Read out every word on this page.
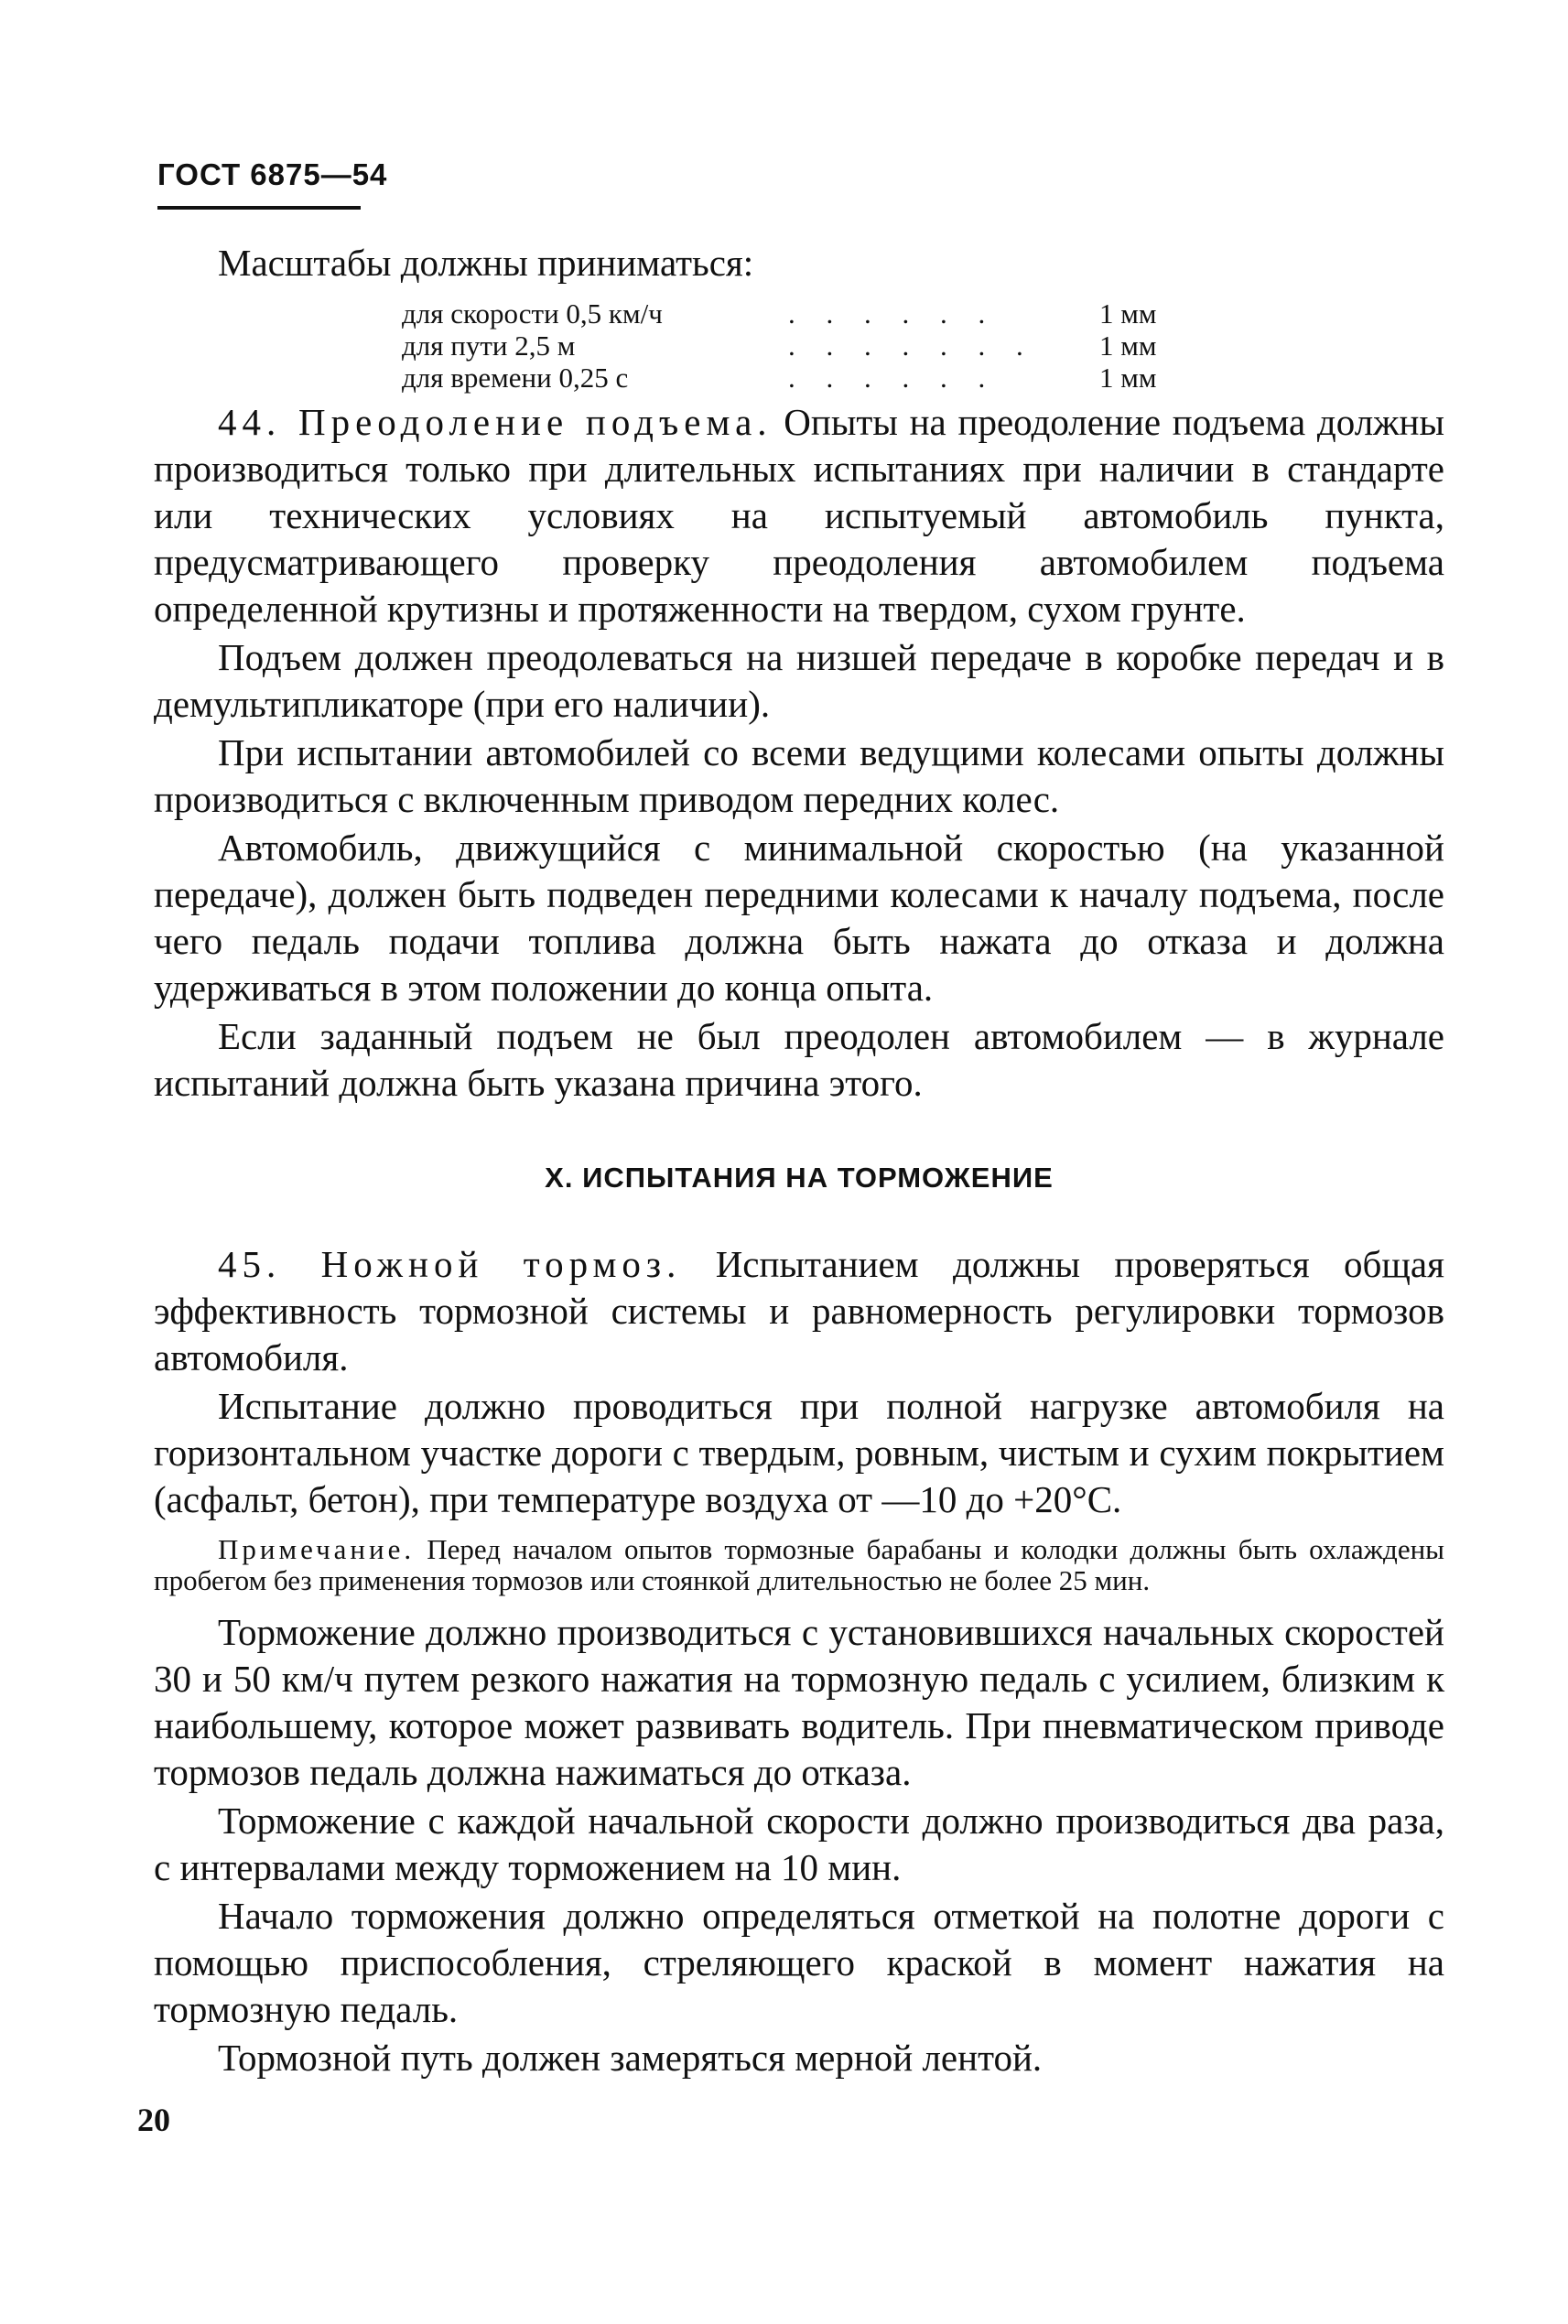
ГОСТ 6875—54

Масштабы должны приниматься:

для скорости 0,5 км/ч	. . . . . .	1 мм
для пути 2,5 м	. . . . . . .	1 мм
для времени 0,25 с	. . . . . .	1 мм

44. Преодоление подъема. Опыты на преодоление подъема должны производиться только при длительных испытаниях при наличии в стандарте или технических условиях на испытуемый автомобиль пункта, предусматривающего проверку преодоления автомобилем подъема определенной крутизны и протяженности на твердом, сухом грунте.

Подъем должен преодолеваться на низшей передаче в коробке передач и в демультипликаторе (при его наличии).

При испытании автомобилей со всеми ведущими колесами опыты должны производиться с включенным приводом передних колес.

Автомобиль, движущийся с минимальной скоростью (на указанной передаче), должен быть подведен передними колесами к началу подъема, после чего педаль подачи топлива должна быть нажата до отказа и должна удерживаться в этом положении до конца опыта.

Если заданный подъем не был преодолен автомобилем — в журнале испытаний должна быть указана причина этого.

X. ИСПЫТАНИЯ НА ТОРМОЖЕНИЕ

45. Ножной тормоз. Испытанием должны проверяться общая эффективность тормозной системы и равномерность регулировки тормозов автомобиля.

Испытание должно проводиться при полной нагрузке автомобиля на горизонтальном участке дороги с твердым, ровным, чистым и сухим покрытием (асфальт, бетон), при температуре воздуха от —10 до +20°С.

Примечание. Перед началом опытов тормозные барабаны и колодки должны быть охлаждены пробегом без применения тормозов или стоянкой длительностью не более 25 мин.

Торможение должно производиться с установившихся начальных скоростей 30 и 50 км/ч путем резкого нажатия на тормозную педаль с усилием, близким к наибольшему, которое может развивать водитель. При пневматическом приводе тормозов педаль должна нажиматься до отказа.

Торможение с каждой начальной скорости должно производиться два раза, с интервалами между торможением на 10 мин.

Начало торможения должно определяться отметкой на полотне дороги с помощью приспособления, стреляющего краской в момент нажатия на тормозную педаль.

Тормозной путь должен замеряться мерной лентой.

20
